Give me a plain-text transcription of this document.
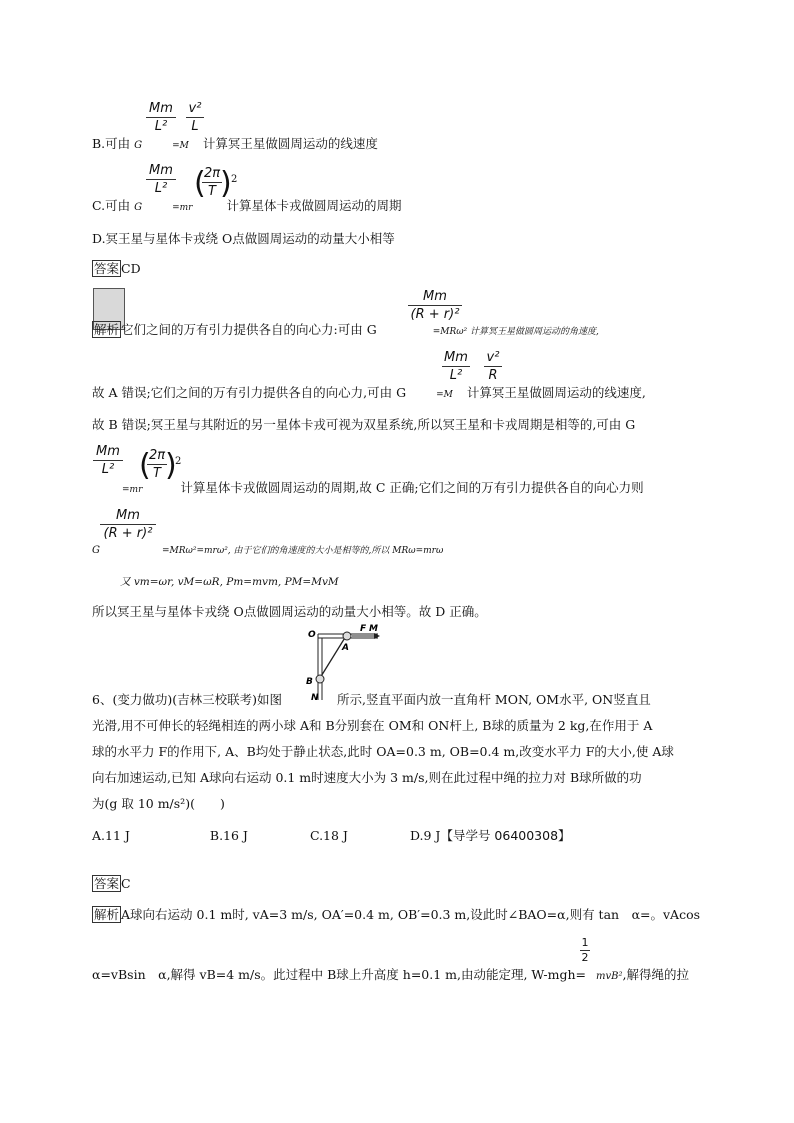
Mm
L²
v²
L
B.可由 G	=M 计算冥王星做圆周运动的线速度
Mm
L² (
2π
T ) 2
C.可由 G	=mr	计算星体卡戎做圆周运动的周期
D.冥王星与星体卡戎绕 O点做圆周运动的动量大小相等
答案 CD
Mm
(R + r)²
解析 它们之间的万有引力提供各自的向心力:可由 G	=MRω² 计算冥王星做圆周运动的角速度,
Mm
L²
v²
R
故 A 错误;它们之间的万有引力提供各自的向心力,可由 G	=M 计算冥王星做圆周运动的线速度,
故 B 错误;冥王星与其附近的另一星体卡戎可视为双星系统,所以冥王星和卡戎周期是相等的,可由 G
Mm
L² (
2π
T )
2
=mr	计算星体卡戎做圆周运动的周期,故 C 正确;它们之间的万有引力提供各自的向心力则
Mm
(R + r)²
G	=MRω²=mrω², 由于它们的角速度的大小是相等的,所以 MRω=mrω
又 vm=ωr, vM=ωR, Pm=mvm, PM=MvM
所以冥王星与星体卡戎绕 O点做圆周运动的动量大小相等。故 D 正确。
O
F M
A
B
N
6、(变力做功)(吉林三校联考)如图	所示,竖直平面内放一直角杆 MON, OM水平, ON竖直且
光滑,用不可伸长的轻绳相连的两小球 A和 B分别套在 OM和 ON杆上, B球的质量为 2 kg,在作用于 A
球的水平力 F的作用下, A、B均处于静止状态,此时 OA=0.3 m, OB=0.4 m,改变水平力 F的大小,使 A球
向右加速运动,已知 A球向右运动 0.1 m时速度大小为 3 m/s,则在此过程中绳的拉力对 B球所做的功
为(g 取 10 m/s²)(　　)
A.11 J	B.16 J	C.18 J	D.9 J【导学号 06400308】
答案 C
解析 A球向右运动 0.1 m时, vA=3 m/s, OA′=0.4 m, OB′=0.3 m,设此时∠BAO=α,则有 tan　α=。vAcos
1
2
α=vBsin　α,解得 vB=4 m/s。此过程中 B球上升高度 h=0.1 m,由动能定理, W-mgh= mvB²,解得绳的拉
